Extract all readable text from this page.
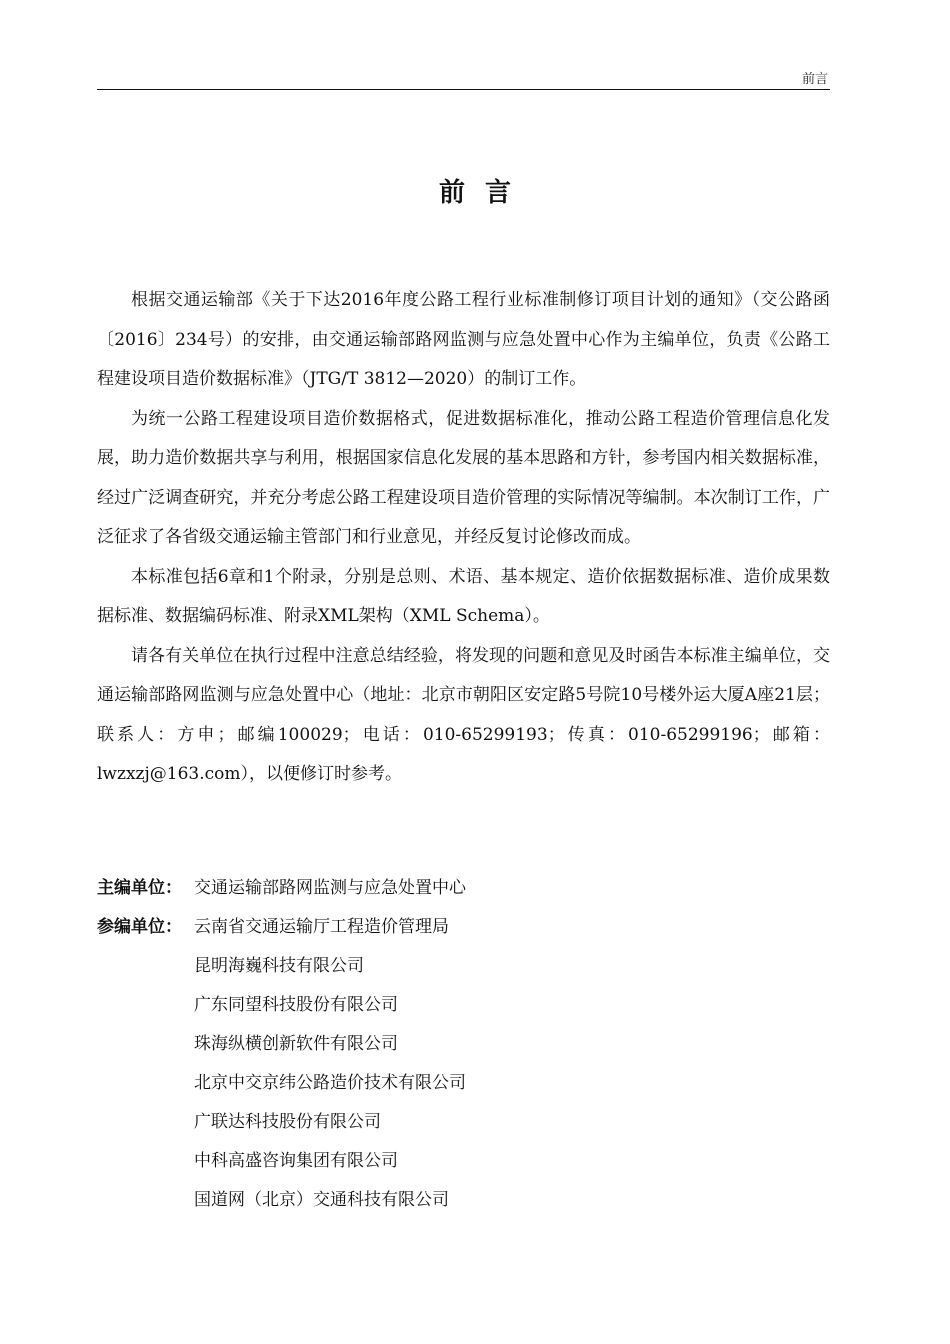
前言
前言

根据交通运输部《关于下达2016年度公路工程行业标准制修订项目计划的通知》（交公路函〔2016〕234号）的安排，由交通运输部路网监测与应急处置中心作为主编单位，负责《公路工程建设项目造价数据标准》（JTG/T 3812—2020）的制订工作。

为统一公路工程建设项目造价数据格式，促进数据标准化，推动公路工程造价管理信息化发展，助力造价数据共享与利用，根据国家信息化发展的基本思路和方针，参考国内相关数据标准，经过广泛调查研究，并充分考虑公路工程建设项目造价管理的实际情况等编制。本次制订工作，广泛征求了各省级交通运输主管部门和行业意见，并经反复讨论修改而成。

本标准包括6章和1个附录，分别是总则、术语、基本规定、造价依据数据标准、造价成果数据标准、数据编码标准、附录XML架构（XML Schema）。

请各有关单位在执行过程中注意总结经验，将发现的问题和意见及时函告本标准主编单位，交通运输部路网监测与应急处置中心（地址：北京市朝阳区安定路5号院10号楼外运大厦A座21层；联系人：方申；邮编100029；电话：010-65299193；传真：010-65299196；邮箱：lwzxzj@163.com），以便修订时参考。

主编单位： 交通运输部路网监测与应急处置中心
参编单位： 云南省交通运输厅工程造价管理局
昆明海巍科技有限公司
广东同望科技股份有限公司
珠海纵横创新软件有限公司
北京中交京纬公路造价技术有限公司
广联达科技股份有限公司
中科高盛咨询集团有限公司
国道网（北京）交通科技有限公司
